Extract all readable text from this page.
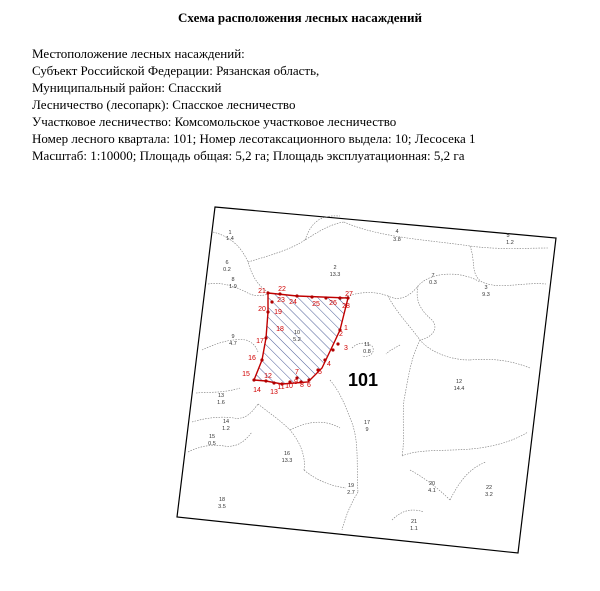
Схема расположения лесных насаждений
Местоположение лесных насаждений:
Субъект Российской Федерации: Рязанская область,
Муниципальный район: Спасский
Лесничество (лесопарк): Спасское лесничество
Участковое лесничество: Комсомольское участковое лесничество
Номер лесного квартала: 101; Номер лесотаксационного выдела: 10; Лесосека 1
Масштаб: 1:10000; Площадь общая: 5,2 га; Площадь эксплуатационная: 5,2 га
1
2
3
4
5
6
7
8
9
10
11
12
13
14
15
16
17
18
19
20
21 22
23 24 25 26
27
28
1
1.4
4
3.8
5
1.2
6
0.2	2
13.3	7
0.3
8
1.9	3
9.3
9
4.7
10
5.2
11
0.8
12
14.4
13
1.6
14
1.2
15
0.5
16
13.3
17
9
19
2.7
20
4.1	22
3.2
18
3.5
21
1.1
101
